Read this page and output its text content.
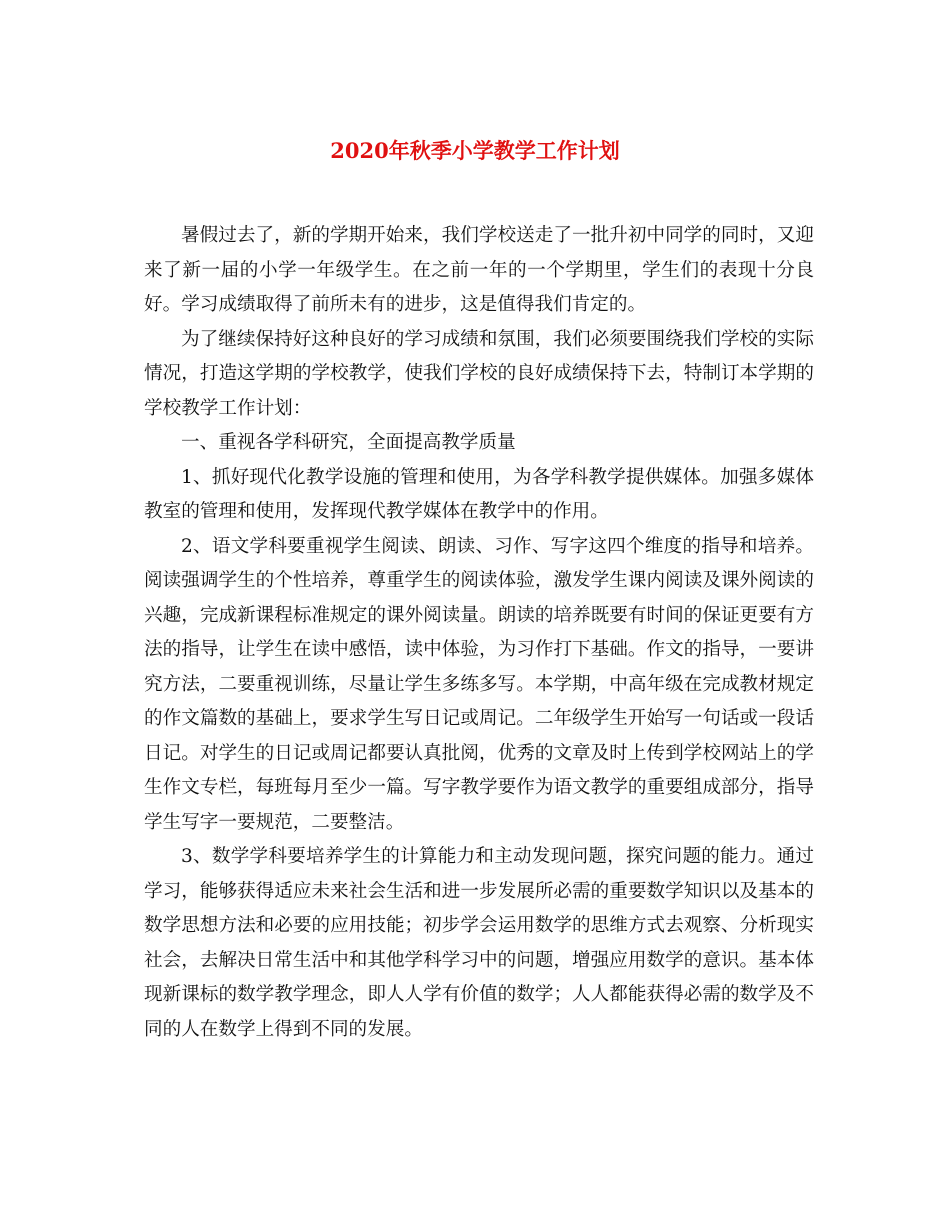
2020年秋季小学教学工作计划

暑假过去了，新的学期开始来，我们学校送走了一批升初中同学的同时，又迎来了新一届的小学一年级学生。在之前一年的一个学期里，学生们的表现十分良好。学习成绩取得了前所未有的进步，这是值得我们肯定的。

为了继续保持好这种良好的学习成绩和氛围，我们必须要围绕我们学校的实际情况，打造这学期的学校教学，使我们学校的良好成绩保持下去，特制订本学期的学校教学工作计划：

一、重视各学科研究，全面提高教学质量

1、抓好现代化教学设施的管理和使用，为各学科教学提供媒体。加强多媒体教室的管理和使用，发挥现代教学媒体在教学中的作用。

2、语文学科要重视学生阅读、朗读、习作、写字这四个维度的指导和培养。阅读强调学生的个性培养，尊重学生的阅读体验，激发学生课内阅读及课外阅读的兴趣，完成新课程标准规定的课外阅读量。朗读的培养既要有时间的保证更要有方法的指导，让学生在读中感悟，读中体验，为习作打下基础。作文的指导，一要讲究方法，二要重视训练，尽量让学生多练多写。本学期，中高年级在完成教材规定的作文篇数的基础上，要求学生写日记或周记。二年级学生开始写一句话或一段话日记。对学生的日记或周记都要认真批阅，优秀的文章及时上传到学校网站上的学生作文专栏，每班每月至少一篇。写字教学要作为语文教学的重要组成部分，指导学生写字一要规范，二要整洁。

3、数学学科要培养学生的计算能力和主动发现问题，探究问题的能力。通过学习，能够获得适应未来社会生活和进一步发展所必需的重要数学知识以及基本的数学思想方法和必要的应用技能；初步学会运用数学的思维方式去观察、分析现实社会，去解决日常生活中和其他学科学习中的问题，增强应用数学的意识。基本体现新课标的数学教学理念，即人人学有价值的数学；人人都能获得必需的数学及不同的人在数学上得到不同的发展。
